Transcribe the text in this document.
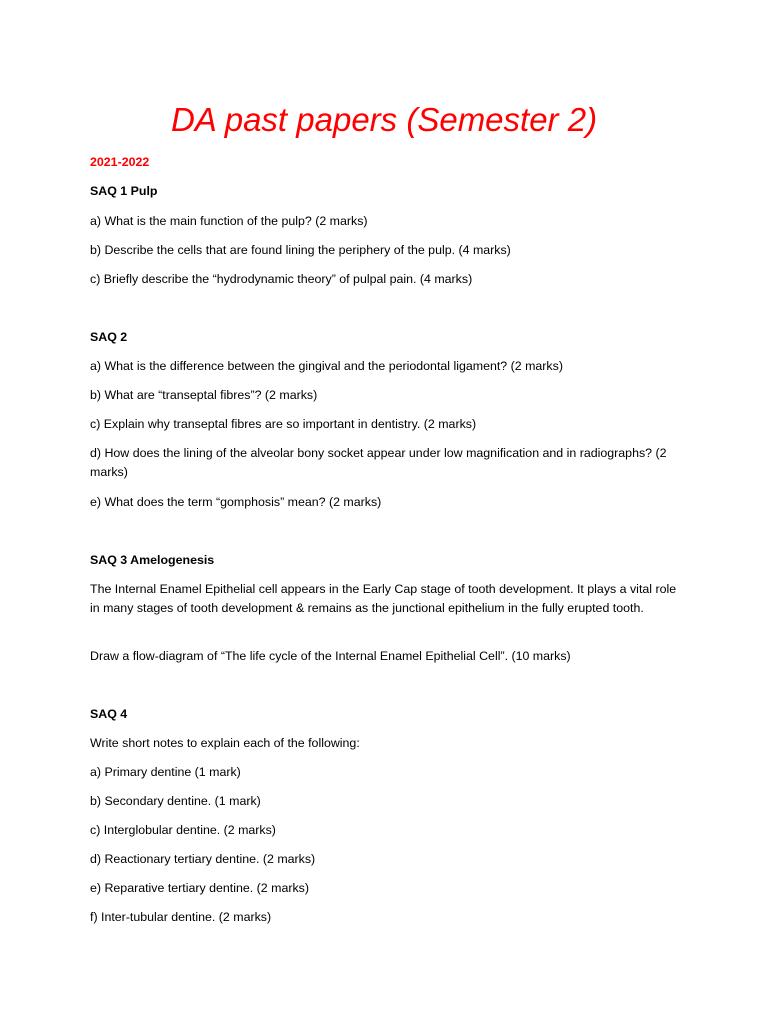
DA past papers (Semester 2)
2021-2022
SAQ 1 Pulp
a) What is the main function of the pulp? (2 marks)
b) Describe the cells that are found lining the periphery of the pulp. (4 marks)
c) Briefly describe the “hydrodynamic theory” of pulpal pain. (4 marks)
SAQ 2
a) What is the difference between the gingival and the periodontal ligament? (2 marks)
b) What are “transeptal fibres”? (2 marks)
c) Explain why transeptal fibres are so important in dentistry. (2 marks)
d) How does the lining of the alveolar bony socket appear under low magnification and in radiographs? (2 marks)
e) What does the term “gomphosis” mean? (2 marks)
SAQ 3 Amelogenesis
The Internal Enamel Epithelial cell appears in the Early Cap stage of tooth development. It plays a vital role in many stages of tooth development & remains as the junctional epithelium in the fully erupted tooth.
Draw a flow-diagram of “The life cycle of the Internal Enamel Epithelial Cell”. (10 marks)
SAQ 4
Write short notes to explain each of the following:
a) Primary dentine (1 mark)
b) Secondary dentine. (1 mark)
c) Interglobular dentine. (2 marks)
d) Reactionary tertiary dentine. (2 marks)
e) Reparative tertiary dentine. (2 marks)
f) Inter-tubular dentine. (2 marks)
